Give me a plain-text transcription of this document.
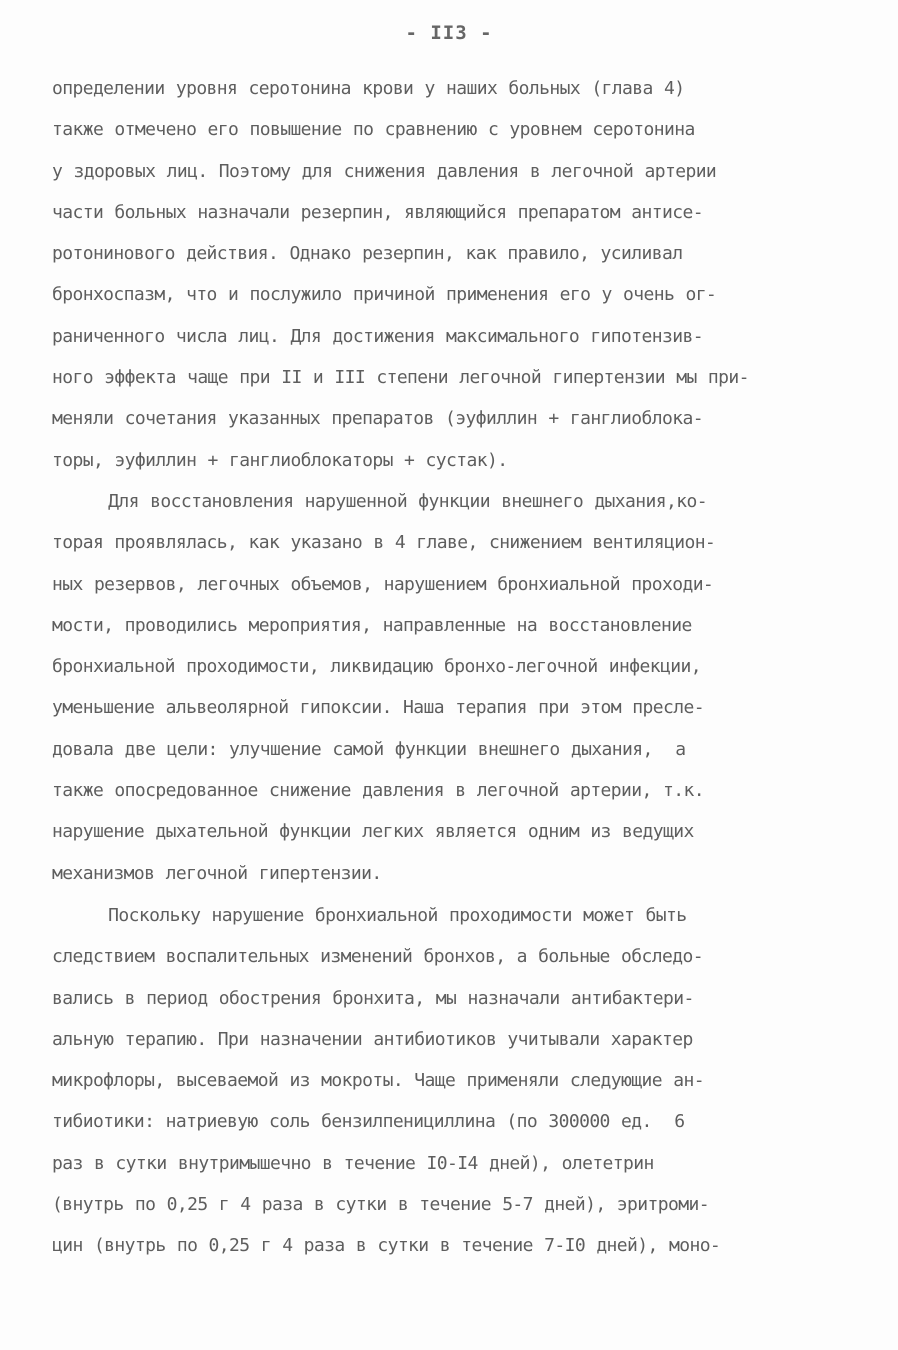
- II3 -
определении уровня серотонина крови у наших больных (глава 4)
также отмечено его повышение по сравнению с уровнем серотонина
у здоровых лиц. Поэтому для снижения давления в легочной артерии
части больных назначали резерпин, являющийся препаратом антисе-
ротонинового действия. Однако резерпин, как правило, усиливал
бронхоспазм, что и послужило причиной применения его у очень ог-
раниченного числа лиц. Для достижения максимального гипотензив-
ного эффекта чаще при II и III степени легочной гипертензии мы при-
меняли сочетания указанных препаратов (эуфиллин + ганглиоблока-
торы, эуфиллин + ганглиоблокаторы + сустак).
Для восстановления нарушенной функции внешнего дыхания,ко-
торая проявлялась, как указано в 4 главе, снижением вентиляцион-
ных резервов, легочных объемов, нарушением бронхиальной проходи-
мости, проводились мероприятия, направленные на восстановление
бронхиальной проходимости, ликвидацию бронхо-легочной инфекции,
уменьшение альвеолярной гипоксии. Наша терапия при этом пресле-
довала две цели: улучшение самой функции внешнего дыхания,  а
также опосредованное снижение давления в легочной артерии, т.к.
нарушение дыхательной функции легких является одним из ведущих
механизмов легочной гипертензии.
Поскольку нарушение бронхиальной проходимости может быть
следствием воспалительных изменений бронхов, а больные обследо-
вались в период обострения бронхита, мы назначали антибактери-
альную терапию. При назначении антибиотиков учитывали характер
микрофлоры, высеваемой из мокроты. Чаще применяли следующие ан-
тибиотики: натриевую соль бензилпенициллина (по 300000 ед.  6
раз в сутки внутримышечно в течение I0-I4 дней), олететрин
(внутрь по 0,25 г 4 раза в сутки в течение 5-7 дней), эритроми-
цин (внутрь по 0,25 г 4 раза в сутки в течение 7-I0 дней), моно-
